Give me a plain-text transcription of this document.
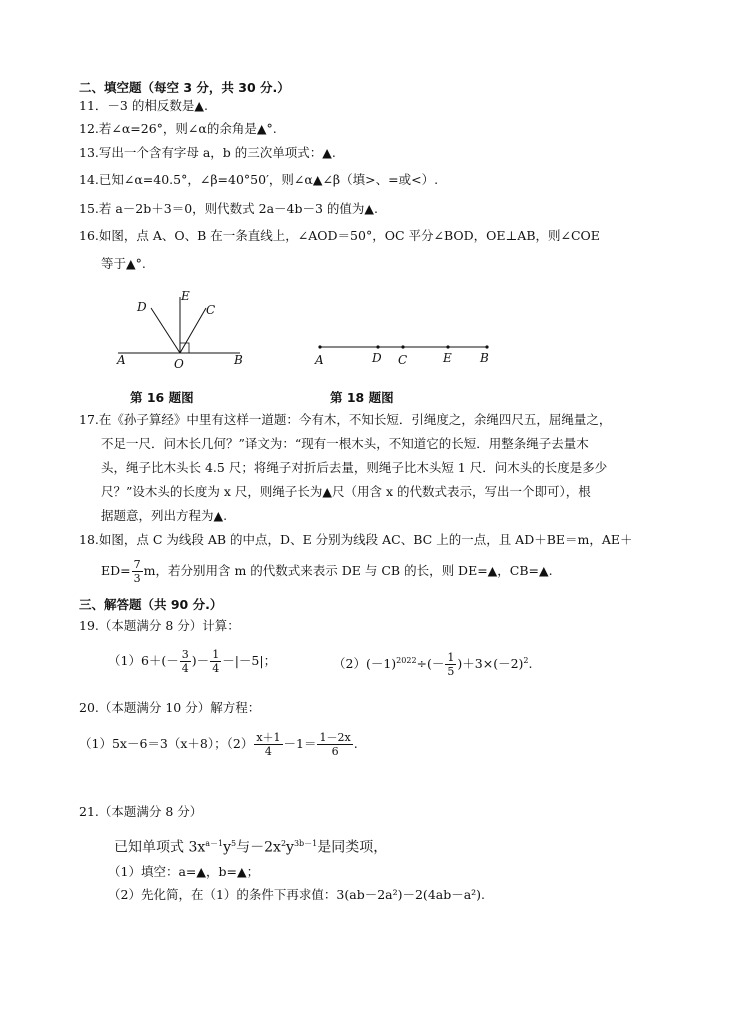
二、填空题（每空 3 分，共 30 分.）
11．－3 的相反数是▲.
12.若∠α=26°，则∠α的余角是▲°.
13.写出一个含有字母 a，b 的三次单项式：▲.
14.已知∠α=40.5°，∠β=40°50′，则∠α▲∠β（填>、=或<）.
15.若 a－2b＋3＝0，则代数式 2a－4b－3 的值为▲.
16.如图，点 A、O、B 在一条直线上，∠AOD＝50°，OC 平分∠BOD，OE⊥AB，则∠COE
等于▲°.
D
E
C
A	O	B	A	D C	E B
第 16 题图	第 18 题图
17.在《孙子算经》中里有这样一道题：今有木，不知长短．引绳度之，余绳四尺五，屈绳量之，
不足一尺．问木长几何？”译文为：“现有一根木头，不知道它的长短．用整条绳子去量木
头，绳子比木头长 4.5 尺；将绳子对折后去量，则绳子比木头短 1 尺．问木头的长度是多少
尺？”设木头的长度为 x 尺，则绳子长为▲尺（用含 x 的代数式表示，写出一个即可），根
据题意，列出方程为▲.
18.如图，点 C 为线段 AB 的中点，D、E 分别为线段 AC、BC 上的一点，且 AD＋BE＝m，AE＋
$ED= \frac{7}{3}$ m，若分别用含 m 的代数式来表示 DE 与 CB 的长，则 DE=▲，CB=▲.
三、解答题（共 90 分.）
19.（本题满分 8 分）计算：
$(1)6+(- \frac{3}{4}$ )－ $\frac{1}{4} -|-5|$；	$(2)(-1)^{2022}\div(- \frac{1}{5} )+3\times(-2)^2$.
20.（本题满分 10 分）解方程：
（1）5x－6＝3（x＋8）；$(2) \frac{x+1}{4} -1= \frac{1-2x}{6}$ .
21.（本题满分 8 分）
已知单项式 $3x^{a-1}y^5$与$-2x^2y^{3b-1}$是同类项，
（1）填空：a=▲，b=▲；
（2）先化简，在（1）的条件下再求值：3(ab－2a²)－2(4ab－a²).
